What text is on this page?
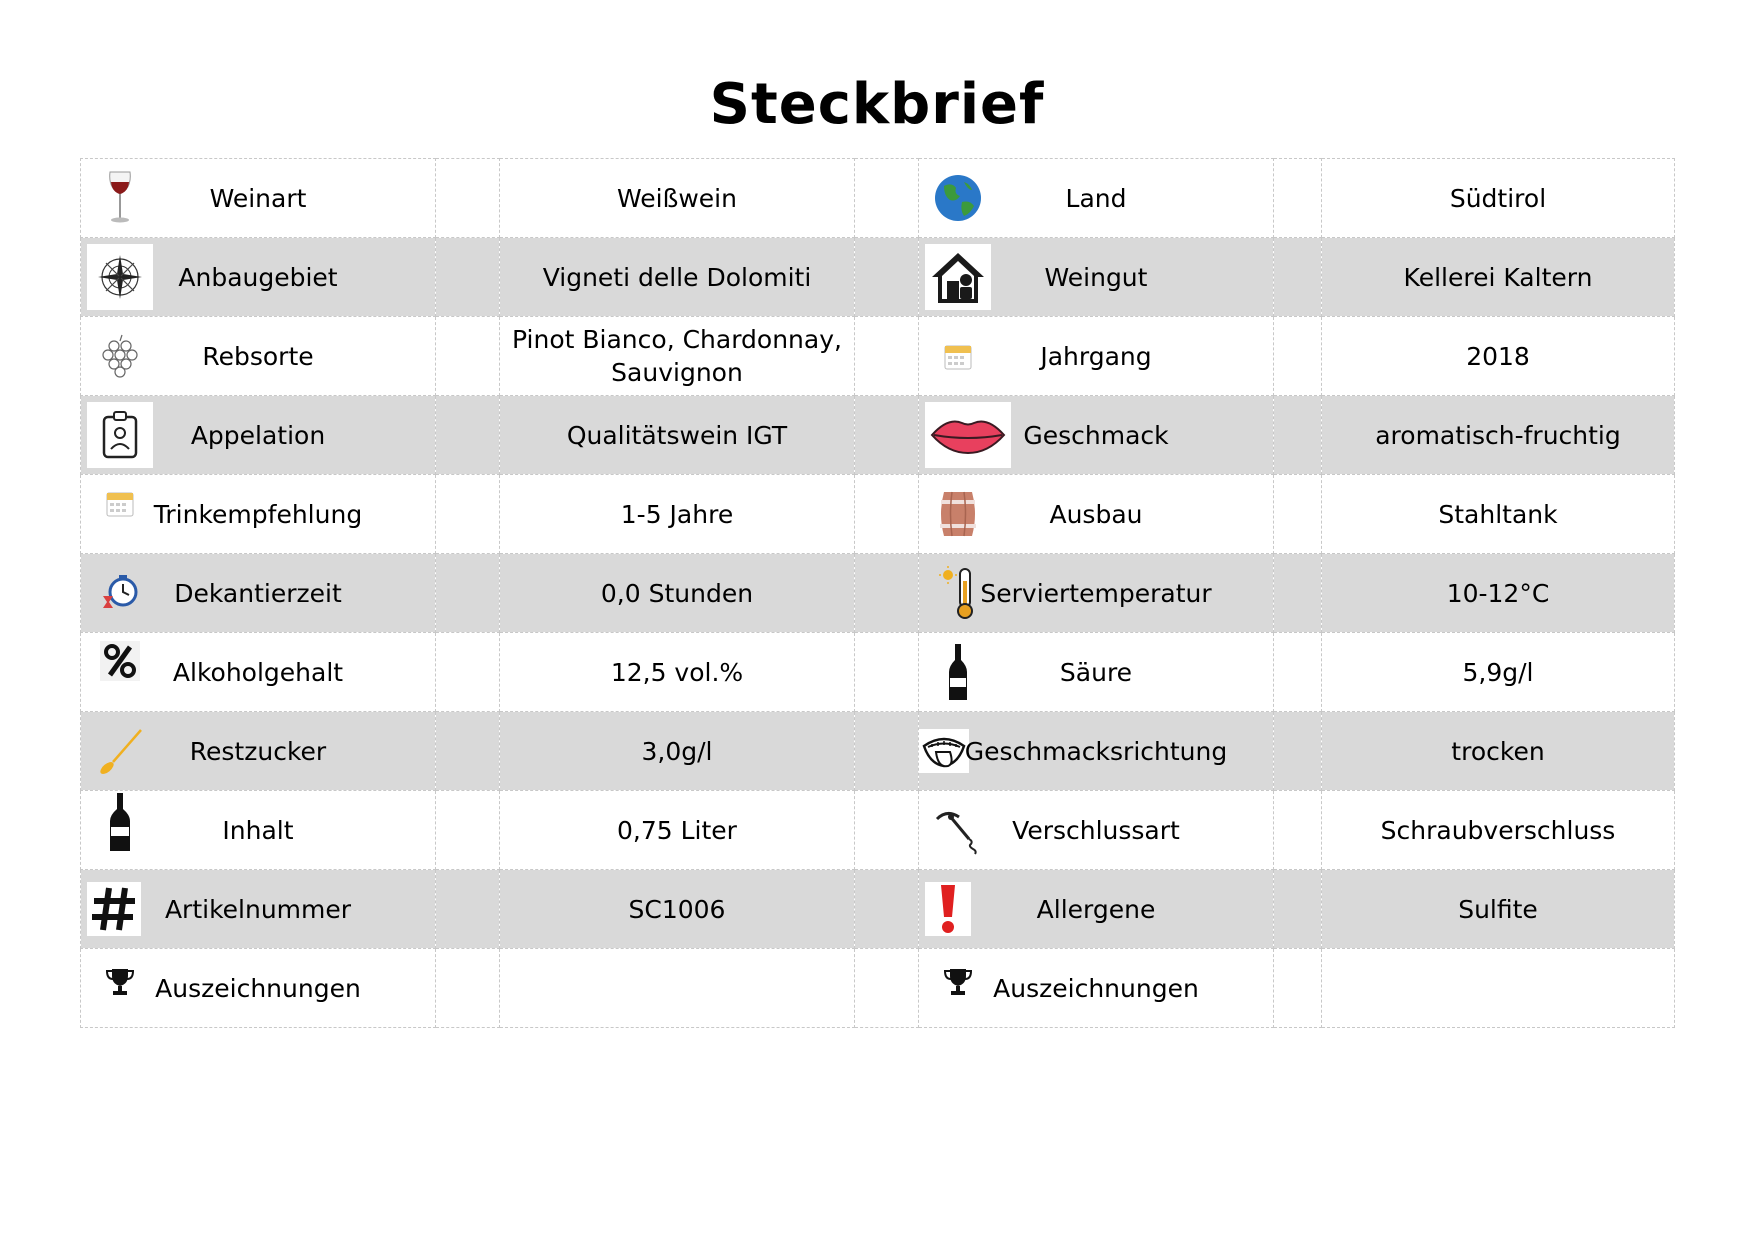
Steckbrief
Weinart		Weißwein		Land		Südtirol

Anbaugebiet		Vigneti delle Dolomiti		Weingut		Kellerei Kaltern

Rebsorte		Pinot Bianco, Chardonnay,
Sauvignon		Jahrgang		2018

Appelation		Qualitätswein IGT		Geschmack		aromatisch-fruchtig

Trinkempfehlung		1-5 Jahre		Ausbau		Stahltank

Dekantierzeit		0,0 Stunden		Serviertemperatur		10-12°C

Alkoholgehalt		12,5 vol.%		Säure		5,9g/l

Restzucker		3,0g/l		Geschmacksrichtung		trocken

Inhalt		0,75 Liter		Verschlussart		Schraubverschluss

Artikelnummer		SC1006		Allergene		Sulfite

Auszeichnungen				Auszeichnungen		
